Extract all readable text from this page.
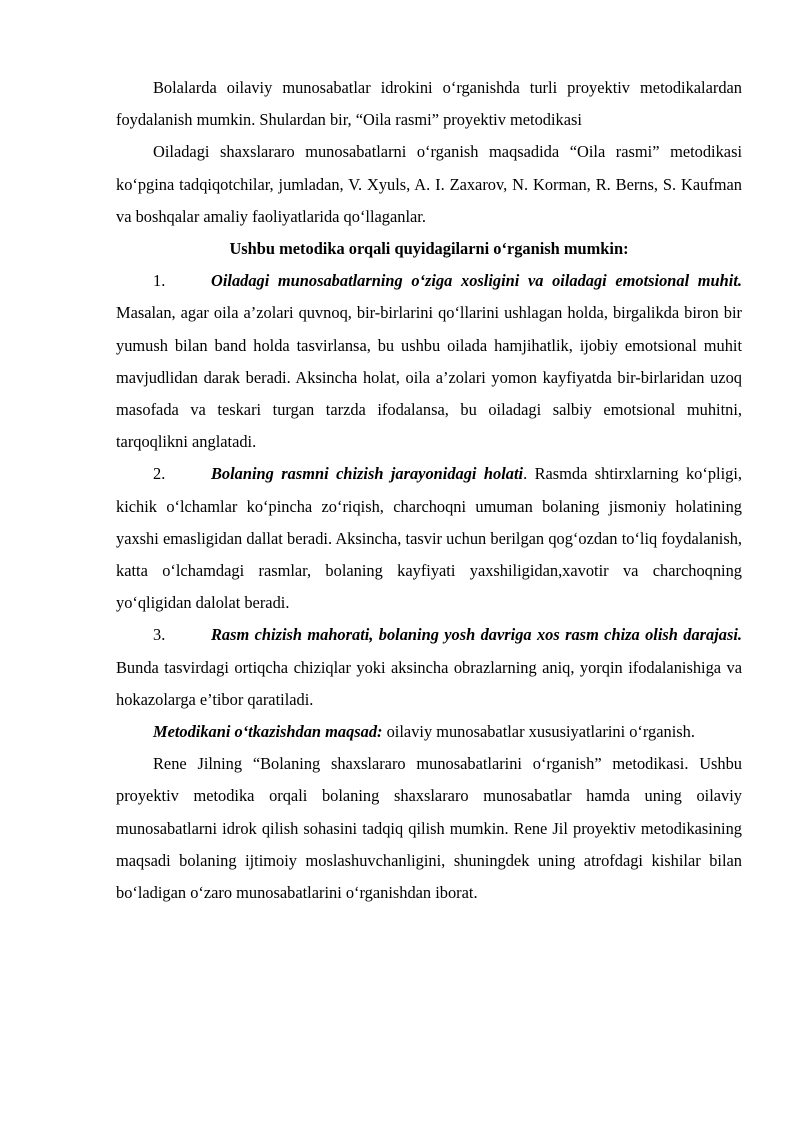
Bolalarda oilaviy munosabatlar idrokini o‘rganishda turli proyektiv metodikalardan foydalanish mumkin. Shulardan bir, “Oila rasmi” proyektiv metodikasi

Oiladagi shaxslararo munosabatlarni o‘rganish maqsadida “Oila rasmi” metodikasi ko‘pgina tadqiqotchilar, jumladan, V. Xyuls, A. I. Zaxarov, N. Korman, R. Berns, S. Kaufman va boshqalar amaliy faoliyatlarida qo‘llaganlar.

Ushbu metodika orqali quyidagilarni o‘rganish mumkin:

1.	Oiladagi munosabatlarning o‘ziga xosligini va oiladagi emotsional muhit. Masalan, agar oila a’zolari quvnoq, bir-birlarini qo‘llarini ushlagan holda, birgalikda biron bir yumush bilan band holda tasvirlansa, bu ushbu oilada hamjihatlik, ijobiy emotsional muhit mavjudlidan darak beradi. Aksincha holat, oila a’zolari yomon kayfiyatda bir-birlaridan uzoq masofada va teskari turgan tarzda ifodalansa, bu oiladagi salbiy emotsional muhitni, tarqoqlikni anglatadi.

2.	Bolaning rasmni chizish jarayonidagi holati. Rasmda shtirxlarning ko‘pligi, kichik o‘lchamlar ko‘pincha zo‘riqish, charchoqni umuman bolaning jismoniy holatining yaxshi emasligidan dallat beradi. Aksincha, tasvir uchun berilgan qog‘ozdan to‘liq foydalanish, katta o‘lchamdagi rasmlar, bolaning kayfiyati yaxshiligidan,xavotir va charchoqning yo‘qligidan dalolat beradi.

3.	Rasm chizish mahorati, bolaning yosh davriga xos rasm chiza olish darajasi. Bunda tasvirdagi ortiqcha chiziqlar yoki aksincha obrazlarning aniq, yorqin ifodalanishiga va hokazolarga e’tibor qaratiladi.

Metodikani o‘tkazishdan maqsad: oilaviy munosabatlar xususiyatlarini o‘rganish.

Rene Jilning “Bolaning shaxslararo munosabatlarini o‘rganish” metodikasi. Ushbu proyektiv metodika orqali bolaning shaxslararo munosabatlar hamda uning oilaviy munosabatlarni idrok qilish sohasini tadqiq qilish mumkin. Rene Jil proyektiv metodikasining maqsadi bolaning ijtimoiy moslashuvchanligini, shuningdek uning atrofdagi kishilar bilan bo‘ladigan o‘zaro munosabatlarini o‘rganishdan iborat.
